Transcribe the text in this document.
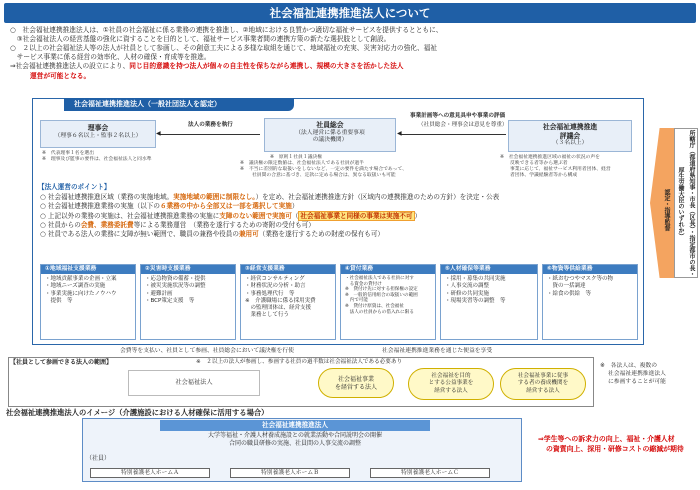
社会福祉連携推進法人について
○　社会福祉連携推進法人は、①社員の社会福祉に係る業務の連携を推進し、②地域における良質かつ適切な福祉サービスを提供するとともに、
　③社会福祉法人の経営基盤の強化に資することを目的として、福祉サービス事業者間の連携方策の新たな選択肢として創設。
○　２以上の社会福祉法人等の法人が社員として参画し、その創意工夫による多様な取組を通じて、地域福祉の充実、災害対応力の強化、福祉
　サービス事業に係る経営の効率化、人材の確保・育成等を推進。
⇒社会福祉連携推進法人の設立により、同じ目的意識を持つ法人が個々の自主性を保ちながら連携し、規模の大きさを活かした法人
運営が可能となる。
社会福祉連携推進法人（一般社団法人を認定）
理事会
（理事６名以上・監事２名以上）
※　代表理事１名を選出
※　理事及び監事の要件は、社会福祉法人と同水準
法人の業務を執行
◀
社員総会
（法人運営に係る重要事項
の議決機関）
※　原則１社員１議決権
※　議決権の限定数値は、社会福祉法人である社員が過半
※　不当に差別的な取扱いをしないなど、一定の要件を満たす場合であって、
社員間の合意に基づき、定款に定める場合は、異なる取扱いも可能
事業計画等への意見具申や事業の評価
（社員総会・理事会は意見を尊重）
◀
社会福祉連携推進
評議会
（３名以上）
※　社会福祉連携推進区域の福祉の状況の声を
反映できる者等から選ぶ者
事業に応じて、福祉サービス利用者団体、経営
者団体、学識経験者等から構成
【法人運営のポイント】
○ 社会福祉連携推進区域（業務の実施地域。実施地域の範囲に制限なし。）を定め、社会福祉連携推進方針（区域内の連携推進のための方針）を決定・公表
○ 社会福祉連携推進業務の実施（以下の６業務の中から全部又は一部を選択して実施）
○ 上記以外の業務の実施は、社会福祉連携推進業務の実施に支障のない範囲で実施可（ 社会福祉事業と同様の事業は実施不可 ）
○ 社員からの会費、業務委託費等による業務運営　（業務を遂行するための寄附の受付も可）
○ 社員である法人の業務に支障が無い範囲で、職員の兼務や役員の兼用可（業務を遂行するための財産の保有も可）
①地域福祉支援業務
・地域貢献事業の企画・立案
・地域ニーズ調査の実施
・事業実施に向けたノウハウ
　提供　等
②災害時支援業務
・応急物資の備蓄・提供
・被災実施状況等の調整
・避難計画
・BCP策定支援　等
③経営支援業務
・経営コンサルティング
・財務状況の分析・助言
・事務処理代行　等
※　介護職場に係る採用実費
　の監理団体は、経営支援
　業務として行う
④貸付業務
・社会福祉法人である社員に対す
　る資金の貸付け
※　貸付け先に対する担保権の設定
※　一般的信用組合の取扱いの範囲
　内で可能
※　貸付け原資は、社会福祉
　法人の社員からの借入れに限る
⑤人材確保等業務
・採用・募集の共同実施
・人事交流の調整
・研修の共同実施
・現場実習等の調整　等
⑥物資等供給業務
・紙おむつやマスク等の物
　資の一括調達
・給食の供給　等
認定・指導監督	所轄庁（都道府県知事・市長（区長）・指定都市の長・厚生労働大臣のいずれか）
会費等を支払い、社員として参画、社員総会において議決権を行使	社会福祉連携推進業務を通じた便益を享受
【社員として参画できる法人の範囲】	※　２以上の法人が参画し、参画する社員の過半数は社会福祉法人である必要あり
社会福祉法人	社会福祉事業
を経営する法人
社会福祉を目的
とする公益事業を
経営する法人
社会福祉事業に従事
する者の養成機関を
経営する法人
※　各法人は、複数の
社会福祉連携推進法人
に参画することが可能
社会福祉連携推進法人のイメージ（介護施設における人材確保に活用する場合）
社会福祉連携推進法人
大学等福祉・介護人材養成施設との就業活動や合同説明会の開催
合同の職員研修の実施、社員間の人事交流の調整
（社員）
特別養護老人ホームＡ	特別養護老人ホームＢ	特別養護老人ホームＣ
⇒学生等への訴求力の向上、福祉・介護人材
の資質向上、採用・研修コストの縮減が期待
